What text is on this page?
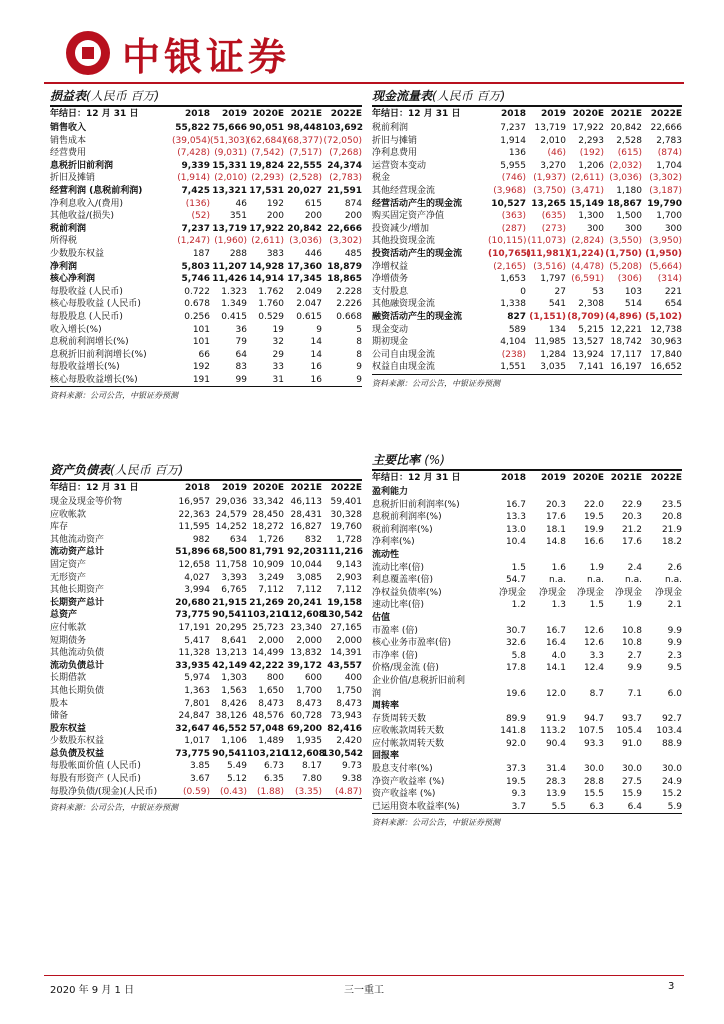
中银证券
损益表(人民币 百万)
年结日：12 月 31 日	2018	2019	2020E	2021E	2022E
销售收入	55,822	75,666	90,051	98,448	103,692
销售成本	(39,054)	(51,303)	(62,684)	(68,377)	(72,050)
经营费用	(7,428)	(9,031)	(7,542)	(7,517)	(7,268)
息税折旧前利润	9,339	15,331	19,824	22,555	24,374
折旧及摊销	(1,914)	(2,010)	(2,293)	(2,528)	(2,783)
经营利润 (息税前利润)	7,425	13,321	17,531	20,027	21,591
净利息收入/(费用)	(136)	46	192	615	874
其他收益/(损失)	(52)	351	200	200	200
税前利润	7,237	13,719	17,922	20,842	22,666
所得税	(1,247)	(1,960)	(2,611)	(3,036)	(3,302)
少数股东权益	187	288	383	446	485
净利润	5,803	11,207	14,928	17,360	18,879
核心净利润	5,746	11,426	14,914	17,345	18,865
每股收益 (人民币)	0.722	1.323	1.762	2.049	2.228
核心每股收益 (人民币)	0.678	1.349	1.760	2.047	2.226
每股股息 (人民币)	0.256	0.415	0.529	0.615	0.668
收入增长(%)	101	36	19	9	5
息税前利润增长(%)	101	79	32	14	8
息税折旧前利润增长(%)	66	64	29	14	8
每股收益增长(%)	192	83	33	16	9
核心每股收益增长(%)	191	99	31	16	9
资料来源：公司公告，中银证券预测
现金流量表(人民币 百万)
年结日：12 月 31 日	2018	2019	2020E	2021E	2022E
税前利润	7,237	13,719	17,922	20,842	22,666
折旧与摊销	1,914	2,010	2,293	2,528	2,783
净利息费用	136	(46)	(192)	(615)	(874)
运营资本变动	5,955	3,270	1,206	(2,032)	1,704
税金	(746)	(1,937)	(2,611)	(3,036)	(3,302)
其他经营现金流	(3,968)	(3,750)	(3,471)	1,180	(3,187)
经营活动产生的现金流	10,527	13,265	15,149	18,867	19,790
购买固定资产净值	(363)	(635)	1,300	1,500	1,700
投资减少/增加	(287)	(273)	300	300	300
其他投资现金流	(10,115)	(11,073)	(2,824)	(3,550)	(3,950)
投资活动产生的现金流	(10,765)	(11,981)	(1,224)	(1,750)	(1,950)
净增权益	(2,165)	(3,516)	(4,478)	(5,208)	(5,664)
净增债务	1,653	1,797	(6,591)	(306)	(314)
支付股息	0	27	53	103	221
其他融资现金流	1,338	541	2,308	514	654
融资活动产生的现金流	827	(1,151)	(8,709)	(4,896)	(5,102)
现金变动	589	134	5,215	12,221	12,738
期初现金	4,104	11,985	13,527	18,742	30,963
公司自由现金流	(238)	1,284	13,924	17,117	17,840
权益自由现金流	1,551	3,035	7,141	16,197	16,652
资料来源：公司公告，中银证券预测
资产负债表(人民币 百万)
年结日：12 月 31 日	2018	2019	2020E	2021E	2022E
现金及现金等价物	16,957	29,036	33,342	46,113	59,401
应收帐款	22,363	24,579	28,450	28,431	30,328
库存	11,595	14,252	18,272	16,827	19,760
其他流动资产	982	634	1,726	832	1,728
流动资产总计	51,896	68,500	81,791	92,203	111,216
固定资产	12,658	11,758	10,909	10,044	9,143
无形资产	4,027	3,393	3,249	3,085	2,903
其他长期资产	3,994	6,765	7,112	7,112	7,112
长期资产总计	20,680	21,915	21,269	20,241	19,158
总资产	73,775	90,541	103,210	112,608	130,542
应付帐款	17,191	20,295	25,723	23,340	27,165
短期债务	5,417	8,641	2,000	2,000	2,000
其他流动负债	11,328	13,213	14,499	13,832	14,391
流动负债总计	33,935	42,149	42,222	39,172	43,557
长期借款	5,974	1,303	800	600	400
其他长期负债	1,363	1,563	1,650	1,700	1,750
股本	7,801	8,426	8,473	8,473	8,473
储备	24,847	38,126	48,576	60,728	73,943
股东权益	32,647	46,552	57,048	69,200	82,416
少数股东权益	1,017	1,106	1,489	1,935	2,420
总负债及权益	73,775	90,541	103,210	112,608	130,542
每股帐面价值 (人民币)	3.85	5.49	6.73	8.17	9.73
每股有形资产 (人民币)	3.67	5.12	6.35	7.80	9.38
每股净负债/(现金)(人民币)	(0.59)	(0.43)	(1.88)	(3.35)	(4.87)
资料来源：公司公告，中银证券预测
主要比率 (%)
年结日：12 月 31 日	2018	2019	2020E	2021E	2022E
盈利能力					
息税折旧前利润率(%)	16.7	20.3	22.0	22.9	23.5
息税前利润率(%)	13.3	17.6	19.5	20.3	20.8
税前利润率(%)	13.0	18.1	19.9	21.2	21.9
净利率(%)	10.4	14.8	16.6	17.6	18.2
流动性					
流动比率(倍)	1.5	1.6	1.9	2.4	2.6
利息覆盖率(倍)	54.7	n.a.	n.a.	n.a.	n.a.
净权益负债率(%)	净现金	净现金	净现金	净现金	净现金
速动比率(倍)	1.2	1.3	1.5	1.9	2.1
估值					
市盈率 (倍)	30.7	16.7	12.6	10.8	9.9
核心业务市盈率(倍)	32.6	16.4	12.6	10.8	9.9
市净率 (倍)	5.8	4.0	3.3	2.7	2.3
价格/现金流 (倍)	17.8	14.1	12.4	9.9	9.5
企业价值/息税折旧前利					
润	19.6	12.0	8.7	7.1	6.0
周转率					
存货周转天数	89.9	91.9	94.7	93.7	92.7
应收帐款周转天数	141.8	113.2	107.5	105.4	103.4
应付帐款周转天数	92.0	90.4	93.3	91.0	88.9
回报率					
股息支付率(%)	37.3	31.4	30.0	30.0	30.0
净资产收益率 (%)	19.5	28.3	28.8	27.5	24.9
资产收益率 (%)	9.3	13.9	15.5	15.9	15.2
已运用资本收益率(%)	3.7	5.5	6.3	6.4	5.9
资料来源：公司公告，中银证券预测
2020 年 9 月 1 日	三一重工	3
